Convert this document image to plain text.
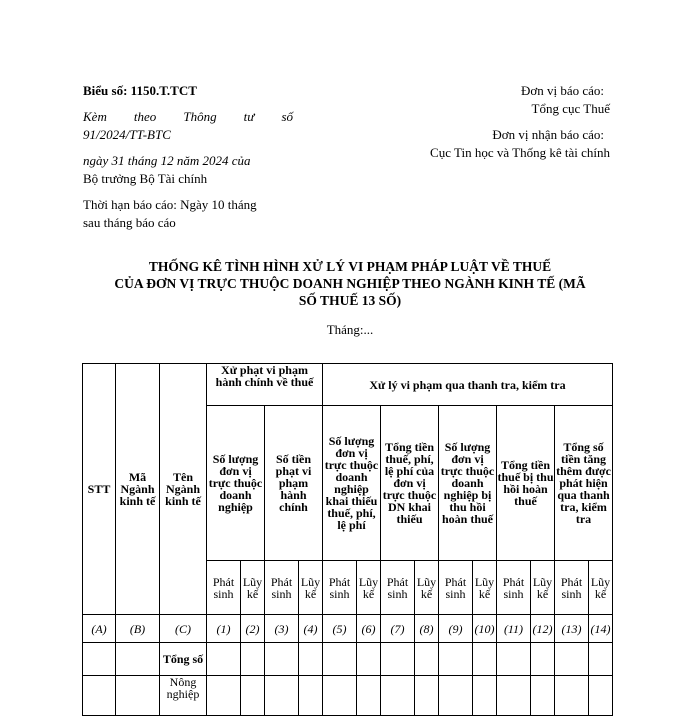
Biểu số: 1150.T.TCT
Kèm theo Thông tư số
91/2024/TT-BTC
ngày 31 tháng 12 năm 2024 của
Bộ trưởng Bộ Tài chính
Thời hạn báo cáo: Ngày 10 tháng
sau tháng báo cáo
Đơn vị báo cáo:
Tổng cục Thuế
Đơn vị nhận báo cáo:
Cục Tin học và Thống kê tài chính
THỐNG KÊ TÌNH HÌNH XỬ LÝ VI PHẠM PHÁP LUẬT VỀ THUẾ
CỦA ĐƠN VỊ TRỰC THUỘC DOANH NGHIỆP THEO NGÀNH KINH TẾ (MÃ
SỐ THUẾ 13 SỐ)
Tháng:...
STT	Mã Ngành kinh tế	Tên Ngành kinh tế	Xử phạt vi phạm hành chính về thuế				Xử lý vi phạm qua thanh tra, kiểm tra									
			Số lượng đơn vị trực thuộc doanh nghiệp		Số tiền phạt vi phạm hành chính		Số lượng đơn vị trực thuộc doanh nghiệp khai thiếu thuế, phí, lệ phí		Tổng tiền thuế, phí, lệ phí của đơn vị trực thuộc DN khai thiếu		Số lượng đơn vị trực thuộc doanh nghiệp bị thu hồi hoàn thuế		Tổng tiền thuế bị thu hồi hoàn thuế		Tổng số tiền tăng thêm được phát hiện qua thanh tra, kiểm tra	
			Phát sinh	Lũy kế	Phát sinh	Lũy kế	Phát sinh	Lũy kế	Phát sinh	Lũy kế	Phát sinh	Lũy kế	Phát sinh	Lũy kế	Phát sinh	Lũy kế
(A)	(B)	(C)	(1)	(2)	(3)	(4)	(5)	(6)	(7)	(8)	(9)	(10)	(11)	(12)	(13)	(14)
		Tổng số														
		Nông nghiệp														
